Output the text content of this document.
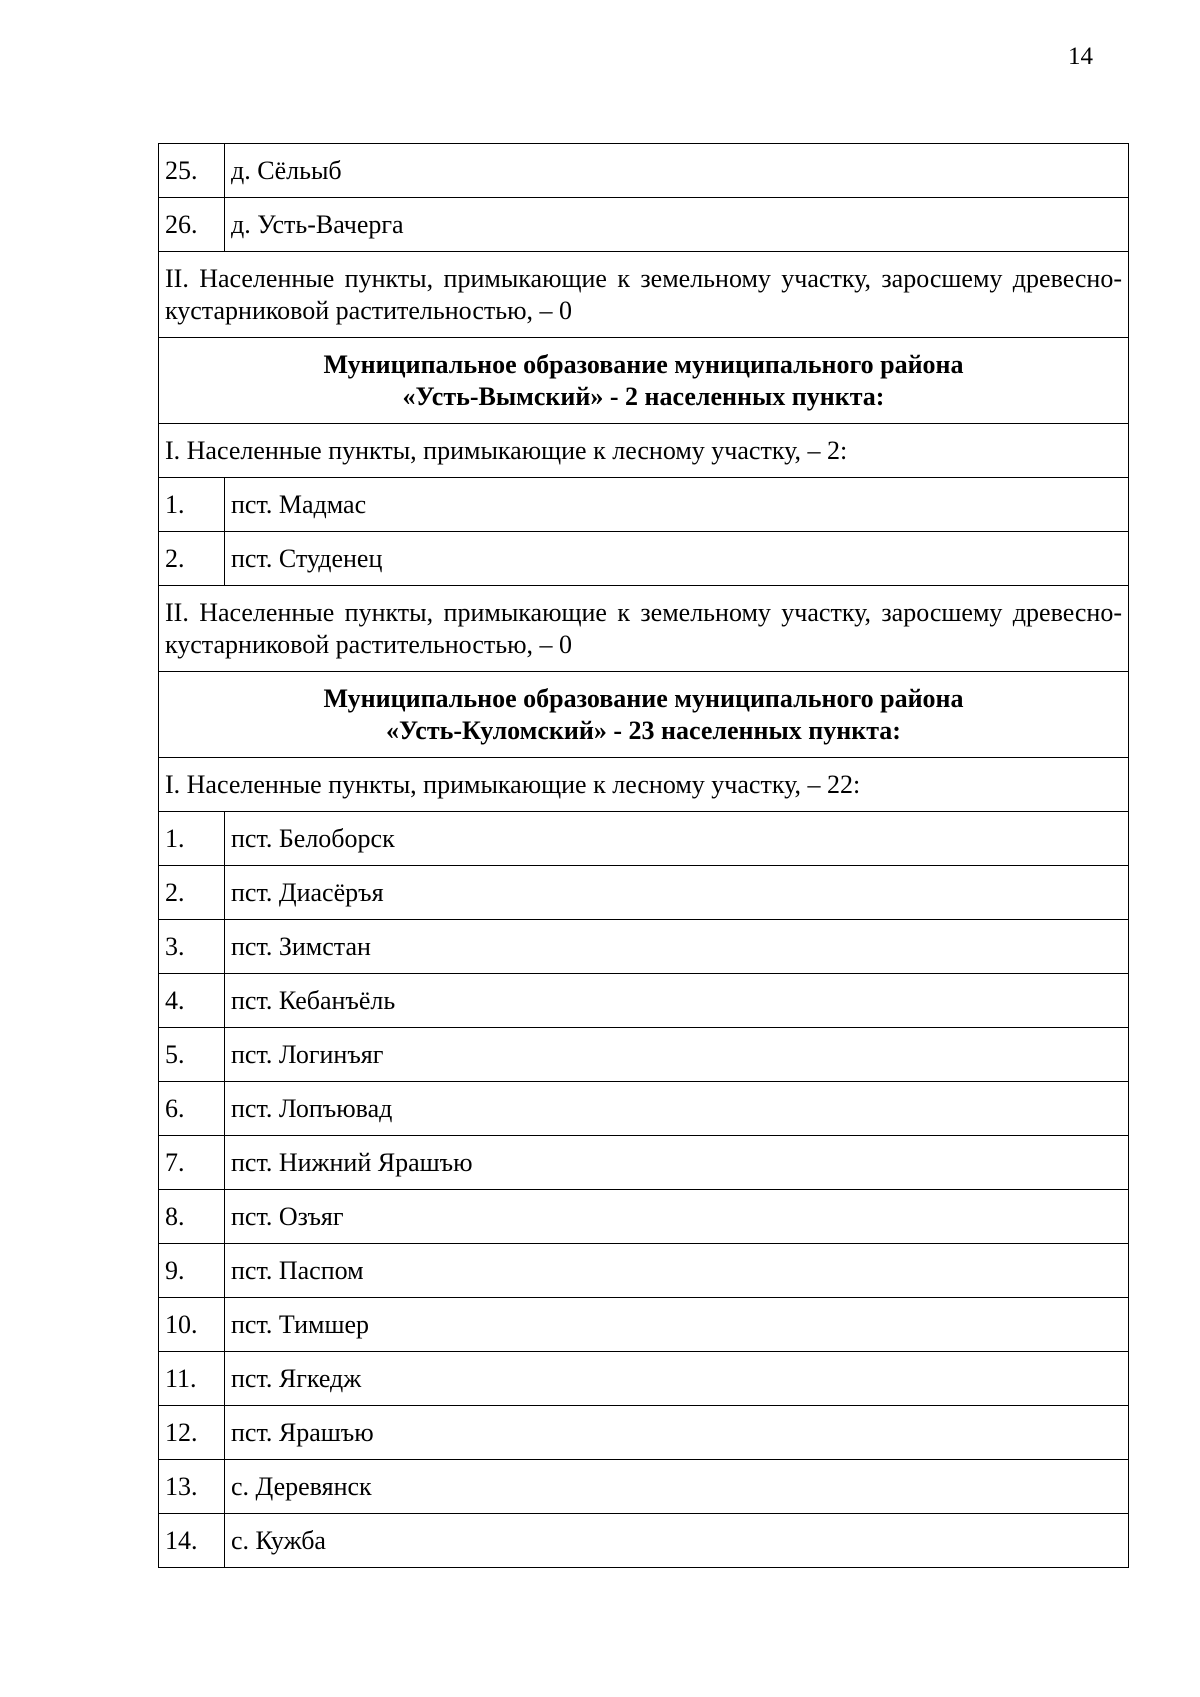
14
25.	д. Сёльыб
26.	д. Усть-Вачерга
II. Населенные пункты, примыкающие к земельному участку, заросшему древесно-кустарниковой растительностью, – 0	

Муниципальное образование муниципального района
«Усть-Вымский» - 2 населенных пункта:	

I. Населенные пункты, примыкающие к лесному участку, – 2:	
1.	пст. Мадмас
2.	пст. Студенец
II. Населенные пункты, примыкающие к земельному участку, заросшему древесно-кустарниковой растительностью, – 0	

Муниципальное образование муниципального района
«Усть-Куломский» - 23 населенных пункта:	

I. Населенные пункты, примыкающие к лесному участку, – 22:	
1.	пст. Белоборск
2.	пст. Диасёръя
3.	пст. Зимстан
4.	пст. Кебанъёль
5.	пст. Логинъяг
6.	пст. Лопъювад
7.	пст. Нижний Ярашъю
8.	пст. Озъяг
9.	пст. Паспом
10.	пст. Тимшер
11.	пст. Ягкедж
12.	пст. Ярашъю
13.	с. Деревянск
14.	с. Кужба
